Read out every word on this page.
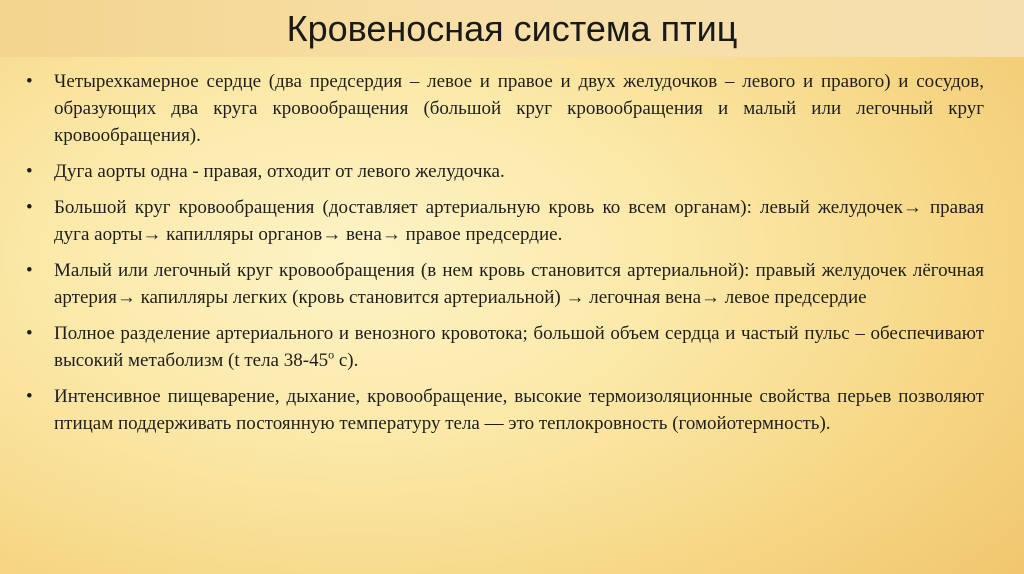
Кровеносная система птиц
• Четырехкамерное сердце (два предсердия – левое и правое и двух желудочков – левого и правого) и сосудов, образующих два круга кровообращения (большой круг кровообращения и малый или легочный круг кровообращения).
• Дуга аорты одна - правая, отходит от левого желудочка.
• Большой круг кровообращения (доставляет артериальную кровь ко всем органам): левый желудочек→ правая дуга аорты→ капилляры органов→ вена→ правое предсердие.
• Малый или легочный круг кровообращения (в нем кровь становится артериальной): правый желудочек лёгочная артерия→ капилляры легких (кровь становится артериальной) → легочная вена→ левое предсердие
• Полное разделение артериального и венозного кровотока; большой объем сердца и частый пульс – обеспечивают высокий метаболизм (t тела $38-45^о$ с).
• Интенсивное пищеварение, дыхание, кровообращение, высокие термоизоляционные свойства перьев позволяют птицам поддерживать постоянную температуру тела — это теплокровность (гомойотермность).
